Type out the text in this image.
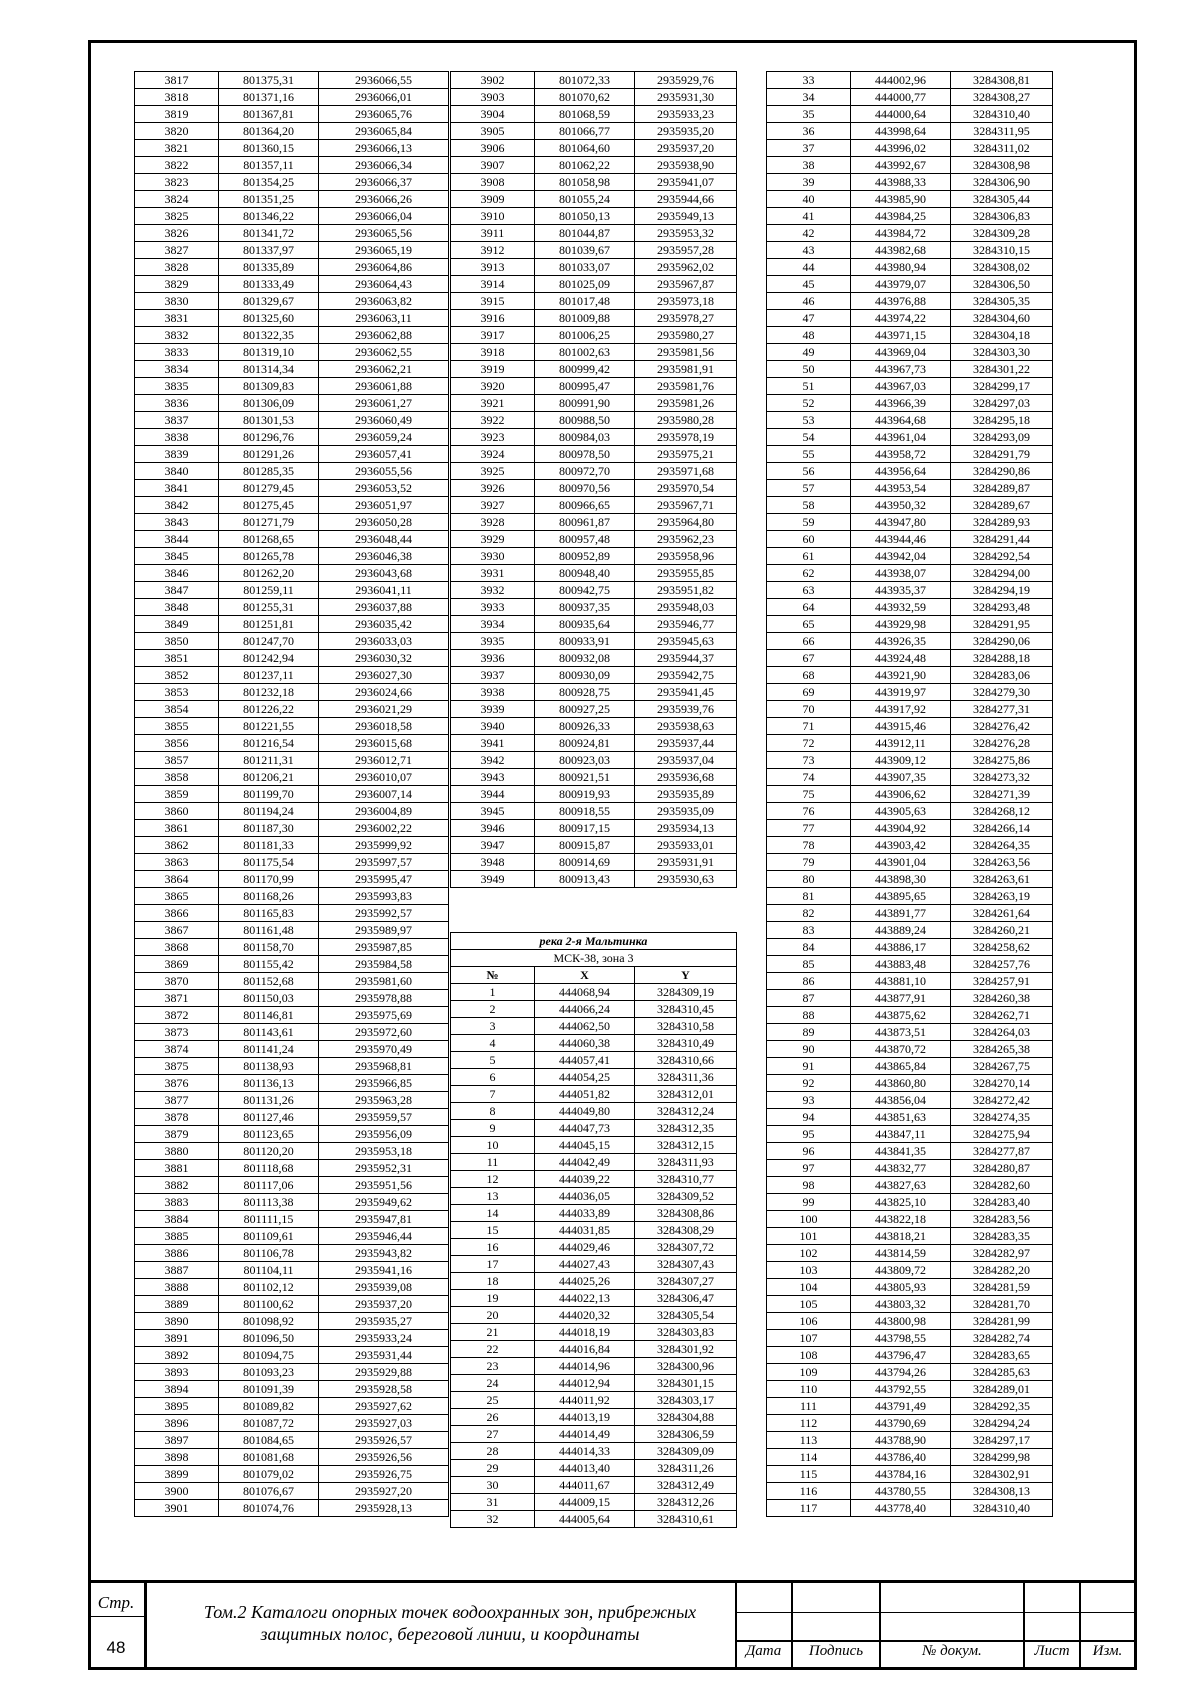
3817	801375,31	2936066,55
3818	801371,16	2936066,01
3819	801367,81	2936065,76
3820	801364,20	2936065,84
3821	801360,15	2936066,13
3822	801357,11	2936066,34
3823	801354,25	2936066,37
3824	801351,25	2936066,26
3825	801346,22	2936066,04
3826	801341,72	2936065,56
3827	801337,97	2936065,19
3828	801335,89	2936064,86
3829	801333,49	2936064,43
3830	801329,67	2936063,82
3831	801325,60	2936063,11
3832	801322,35	2936062,88
3833	801319,10	2936062,55
3834	801314,34	2936062,21
3835	801309,83	2936061,88
3836	801306,09	2936061,27
3837	801301,53	2936060,49
3838	801296,76	2936059,24
3839	801291,26	2936057,41
3840	801285,35	2936055,56
3841	801279,45	2936053,52
3842	801275,45	2936051,97
3843	801271,79	2936050,28
3844	801268,65	2936048,44
3845	801265,78	2936046,38
3846	801262,20	2936043,68
3847	801259,11	2936041,11
3848	801255,31	2936037,88
3849	801251,81	2936035,42
3850	801247,70	2936033,03
3851	801242,94	2936030,32
3852	801237,11	2936027,30
3853	801232,18	2936024,66
3854	801226,22	2936021,29
3855	801221,55	2936018,58
3856	801216,54	2936015,68
3857	801211,31	2936012,71
3858	801206,21	2936010,07
3859	801199,70	2936007,14
3860	801194,24	2936004,89
3861	801187,30	2936002,22
3862	801181,33	2935999,92
3863	801175,54	2935997,57
3864	801170,99	2935995,47
3865	801168,26	2935993,83
3866	801165,83	2935992,57
3867	801161,48	2935989,97
3868	801158,70	2935987,85
3869	801155,42	2935984,58
3870	801152,68	2935981,60
3871	801150,03	2935978,88
3872	801146,81	2935975,69
3873	801143,61	2935972,60
3874	801141,24	2935970,49
3875	801138,93	2935968,81
3876	801136,13	2935966,85
3877	801131,26	2935963,28
3878	801127,46	2935959,57
3879	801123,65	2935956,09
3880	801120,20	2935953,18
3881	801118,68	2935952,31
3882	801117,06	2935951,56
3883	801113,38	2935949,62
3884	801111,15	2935947,81
3885	801109,61	2935946,44
3886	801106,78	2935943,82
3887	801104,11	2935941,16
3888	801102,12	2935939,08
3889	801100,62	2935937,20
3890	801098,92	2935935,27
3891	801096,50	2935933,24
3892	801094,75	2935931,44
3893	801093,23	2935929,88
3894	801091,39	2935928,58
3895	801089,82	2935927,62
3896	801087,72	2935927,03
3897	801084,65	2935926,57
3898	801081,68	2935926,56
3899	801079,02	2935926,75
3900	801076,67	2935927,20
3901	801074,76	2935928,13
3902	801072,33	2935929,76
3903	801070,62	2935931,30
3904	801068,59	2935933,23
3905	801066,77	2935935,20
3906	801064,60	2935937,20
3907	801062,22	2935938,90
3908	801058,98	2935941,07
3909	801055,24	2935944,66
3910	801050,13	2935949,13
3911	801044,87	2935953,32
3912	801039,67	2935957,28
3913	801033,07	2935962,02
3914	801025,09	2935967,87
3915	801017,48	2935973,18
3916	801009,88	2935978,27
3917	801006,25	2935980,27
3918	801002,63	2935981,56
3919	800999,42	2935981,91
3920	800995,47	2935981,76
3921	800991,90	2935981,26
3922	800988,50	2935980,28
3923	800984,03	2935978,19
3924	800978,50	2935975,21
3925	800972,70	2935971,68
3926	800970,56	2935970,54
3927	800966,65	2935967,71
3928	800961,87	2935964,80
3929	800957,48	2935962,23
3930	800952,89	2935958,96
3931	800948,40	2935955,85
3932	800942,75	2935951,82
3933	800937,35	2935948,03
3934	800935,64	2935946,77
3935	800933,91	2935945,63
3936	800932,08	2935944,37
3937	800930,09	2935942,75
3938	800928,75	2935941,45
3939	800927,25	2935939,76
3940	800926,33	2935938,63
3941	800924,81	2935937,44
3942	800923,03	2935937,04
3943	800921,51	2935936,68
3944	800919,93	2935935,89
3945	800918,55	2935935,09
3946	800917,15	2935934,13
3947	800915,87	2935933,01
3948	800914,69	2935931,91
3949	800913,43	2935930,63
река 2-я Мальтинка		
МСК-38, зона 3		
№	X	Y
1	444068,94	3284309,19
2	444066,24	3284310,45
3	444062,50	3284310,58
4	444060,38	3284310,49
5	444057,41	3284310,66
6	444054,25	3284311,36
7	444051,82	3284312,01
8	444049,80	3284312,24
9	444047,73	3284312,35
10	444045,15	3284312,15
11	444042,49	3284311,93
12	444039,22	3284310,77
13	444036,05	3284309,52
14	444033,89	3284308,86
15	444031,85	3284308,29
16	444029,46	3284307,72
17	444027,43	3284307,43
18	444025,26	3284307,27
19	444022,13	3284306,47
20	444020,32	3284305,54
21	444018,19	3284303,83
22	444016,84	3284301,92
23	444014,96	3284300,96
24	444012,94	3284301,15
25	444011,92	3284303,17
26	444013,19	3284304,88
27	444014,49	3284306,59
28	444014,33	3284309,09
29	444013,40	3284311,26
30	444011,67	3284312,49
31	444009,15	3284312,26
32	444005,64	3284310,61
33	444002,96	3284308,81
34	444000,77	3284308,27
35	444000,64	3284310,40
36	443998,64	3284311,95
37	443996,02	3284311,02
38	443992,67	3284308,98
39	443988,33	3284306,90
40	443985,90	3284305,44
41	443984,25	3284306,83
42	443984,72	3284309,28
43	443982,68	3284310,15
44	443980,94	3284308,02
45	443979,07	3284306,50
46	443976,88	3284305,35
47	443974,22	3284304,60
48	443971,15	3284304,18
49	443969,04	3284303,30
50	443967,73	3284301,22
51	443967,03	3284299,17
52	443966,39	3284297,03
53	443964,68	3284295,18
54	443961,04	3284293,09
55	443958,72	3284291,79
56	443956,64	3284290,86
57	443953,54	3284289,87
58	443950,32	3284289,67
59	443947,80	3284289,93
60	443944,46	3284291,44
61	443942,04	3284292,54
62	443938,07	3284294,00
63	443935,37	3284294,19
64	443932,59	3284293,48
65	443929,98	3284291,95
66	443926,35	3284290,06
67	443924,48	3284288,18
68	443921,90	3284283,06
69	443919,97	3284279,30
70	443917,92	3284277,31
71	443915,46	3284276,42
72	443912,11	3284276,28
73	443909,12	3284275,86
74	443907,35	3284273,32
75	443906,62	3284271,39
76	443905,63	3284268,12
77	443904,92	3284266,14
78	443903,42	3284264,35
79	443901,04	3284263,56
80	443898,30	3284263,61
81	443895,65	3284263,19
82	443891,77	3284261,64
83	443889,24	3284260,21
84	443886,17	3284258,62
85	443883,48	3284257,76
86	443881,10	3284257,91
87	443877,91	3284260,38
88	443875,62	3284262,71
89	443873,51	3284264,03
90	443870,72	3284265,38
91	443865,84	3284267,75
92	443860,80	3284270,14
93	443856,04	3284272,42
94	443851,63	3284274,35
95	443847,11	3284275,94
96	443841,35	3284277,87
97	443832,77	3284280,87
98	443827,63	3284282,60
99	443825,10	3284283,40
100	443822,18	3284283,56
101	443818,21	3284283,35
102	443814,59	3284282,97
103	443809,72	3284282,20
104	443805,93	3284281,59
105	443803,32	3284281,70
106	443800,98	3284281,99
107	443798,55	3284282,74
108	443796,47	3284283,65
109	443794,26	3284285,63
110	443792,55	3284289,01
111	443791,49	3284292,35
112	443790,69	3284294,24
113	443788,90	3284297,17
114	443786,40	3284299,98
115	443784,16	3284302,91
116	443780,55	3284308,13
117	443778,40	3284310,40
Стр.
48
Том.2 Каталоги опорных точек водоохранных зон, прибрежных
защитных полос, береговой линии, и координаты
Дата	Подпись	№ докум.	Лист	Изм.
